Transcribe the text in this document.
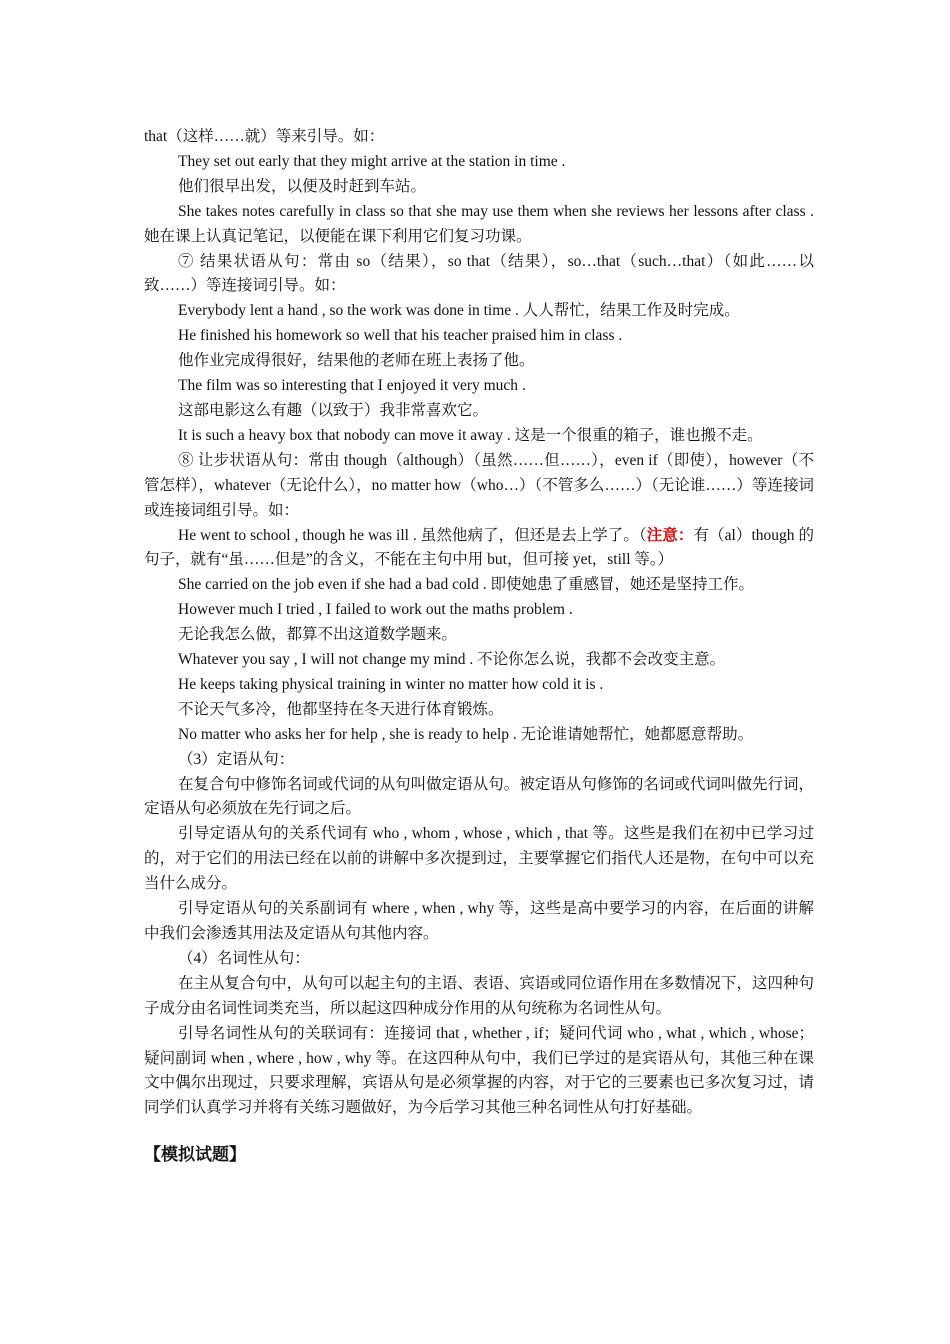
that（这样……就）等来引导。如：

They set out early that they might arrive at the station in time .

他们很早出发，以便及时赶到车站。

She takes notes carefully in class so that she may use them when she reviews her lessons after class . 她在课上认真记笔记，以便能在课下利用它们复习功课。

⑦ 结果状语从句：常由 so（结果），so that（结果），so…that（such…that）（如此……以致……）等连接词引导。如：

Everybody lent a hand , so the work was done in time . 人人帮忙，结果工作及时完成。

He finished his homework so well that his teacher praised him in class .

他作业完成得很好，结果他的老师在班上表扬了他。

The film was so interesting that I enjoyed it very much .

这部电影这么有趣（以致于）我非常喜欢它。

It is such a heavy box that nobody can move it away . 这是一个很重的箱子，谁也搬不走。

⑧ 让步状语从句：常由 though（although）（虽然……但……），even if（即使），however（不管怎样），whatever（无论什么），no matter how（who…）（不管多么……）（无论谁……）等连接词或连接词组引导。如：

He went to school , though he was ill . 虽然他病了，但还是去上学了。（注意：有（al）though 的句子，就有“虽……但是”的含义，不能在主句中用 but，但可接 yet，still 等。）

She carried on the job even if she had a bad cold . 即使她患了重感冒，她还是坚持工作。

However much I tried , I failed to work out the maths problem .

无论我怎么做，都算不出这道数学题来。

Whatever you say , I will not change my mind . 不论你怎么说，我都不会改变主意。

He keeps taking physical training in winter no matter how cold it is .

不论天气多冷，他都坚持在冬天进行体育锻炼。

No matter who asks her for help , she is ready to help . 无论谁请她帮忙，她都愿意帮助。

（3）定语从句：

在复合句中修饰名词或代词的从句叫做定语从句。被定语从句修饰的名词或代词叫做先行词，定语从句必须放在先行词之后。

引导定语从句的关系代词有 who , whom , whose , which , that 等。这些是我们在初中已学习过的，对于它们的用法已经在以前的讲解中多次提到过，主要掌握它们指代人还是物，在句中可以充当什么成分。

引导定语从句的关系副词有 where , when , why 等，这些是高中要学习的内容，在后面的讲解中我们会渗透其用法及定语从句其他内容。

（4）名词性从句：

在主从复合句中，从句可以起主句的主语、表语、宾语或同位语作用在多数情况下，这四种句子成分由名词性词类充当，所以起这四种成分作用的从句统称为名词性从句。

引导名词性从句的关联词有：连接词 that , whether , if；疑问代词 who , what , which , whose；疑问副词 when , where , how , why 等。在这四种从句中，我们已学过的是宾语从句，其他三种在课文中偶尔出现过，只要求理解，宾语从句是必须掌握的内容，对于它的三要素也已多次复习过，请同学们认真学习并将有关练习题做好，为今后学习其他三种名词性从句打好基础。

【模拟试题】
